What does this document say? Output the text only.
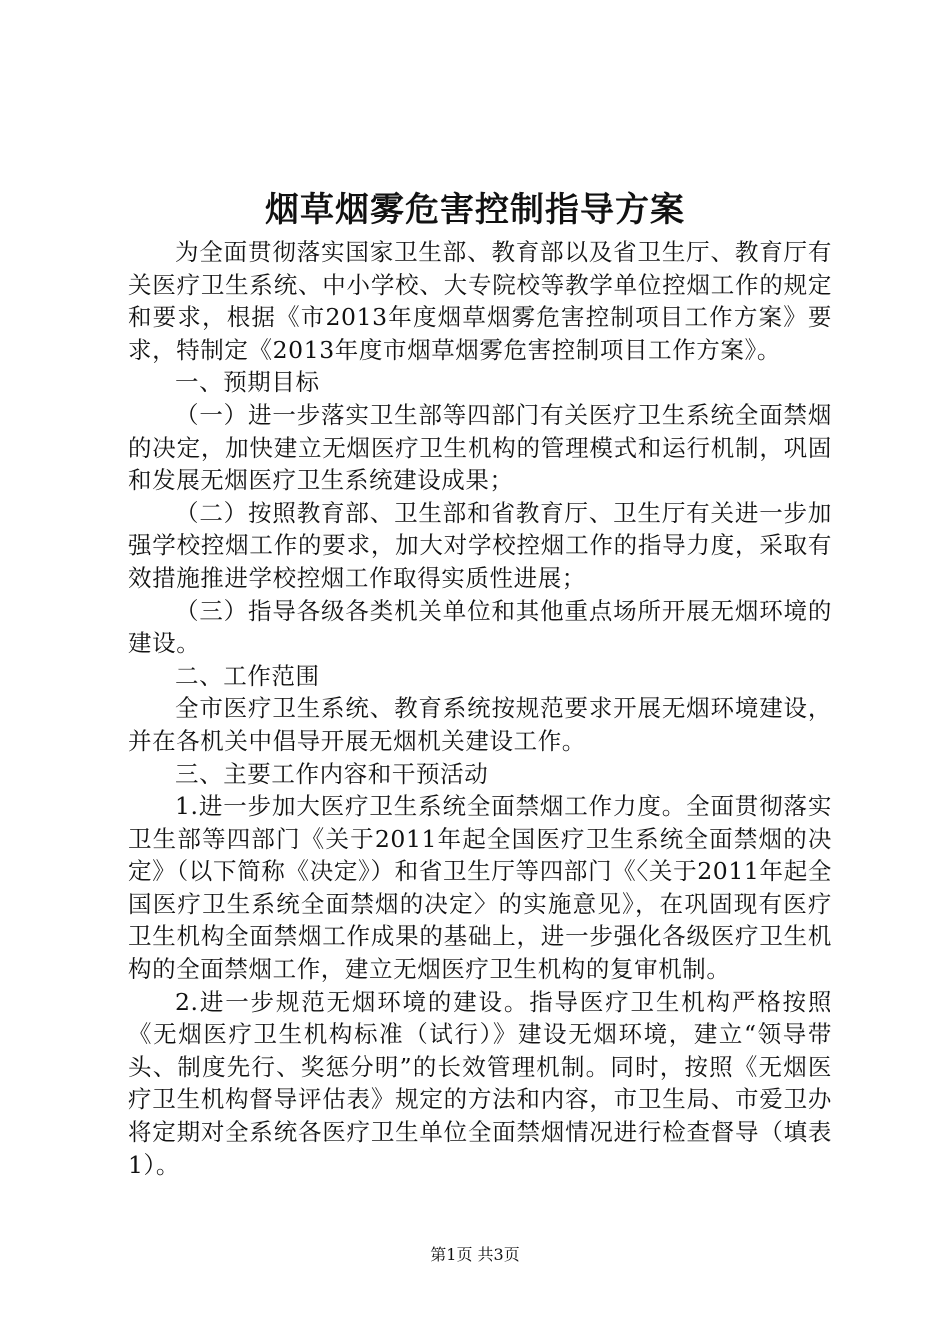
烟草烟雾危害控制指导方案

为全面贯彻落实国家卫生部、教育部以及省卫生厅、教育厅有关医疗卫生系统、中小学校、大专院校等教学单位控烟工作的规定和要求，根据《市2013年度烟草烟雾危害控制项目工作方案》要求，特制定《2013年度市烟草烟雾危害控制项目工作方案》。

一、预期目标

（一）进一步落实卫生部等四部门有关医疗卫生系统全面禁烟的决定，加快建立无烟医疗卫生机构的管理模式和运行机制，巩固和发展无烟医疗卫生系统建设成果；

（二）按照教育部、卫生部和省教育厅、卫生厅有关进一步加强学校控烟工作的要求，加大对学校控烟工作的指导力度，采取有效措施推进学校控烟工作取得实质性进展；

（三）指导各级各类机关单位和其他重点场所开展无烟环境的建设。

二、工作范围

全市医疗卫生系统、教育系统按规范要求开展无烟环境建设，并在各机关中倡导开展无烟机关建设工作。

三、主要工作内容和干预活动

1.进一步加大医疗卫生系统全面禁烟工作力度。全面贯彻落实卫生部等四部门《关于2011年起全国医疗卫生系统全面禁烟的决定》（以下简称《决定》）和省卫生厅等四部门《〈关于2011年起全国医疗卫生系统全面禁烟的决定〉的实施意见》，在巩固现有医疗卫生机构全面禁烟工作成果的基础上，进一步强化各级医疗卫生机构的全面禁烟工作，建立无烟医疗卫生机构的复审机制。

2.进一步规范无烟环境的建设。指导医疗卫生机构严格按照《无烟医疗卫生机构标准（试行）》建设无烟环境，建立“领导带头、制度先行、奖惩分明”的长效管理机制。同时，按照《无烟医疗卫生机构督导评估表》规定的方法和内容，市卫生局、市爱卫办将定期对全系统各医疗卫生单位全面禁烟情况进行检查督导（填表1）。

第1页 共3页
